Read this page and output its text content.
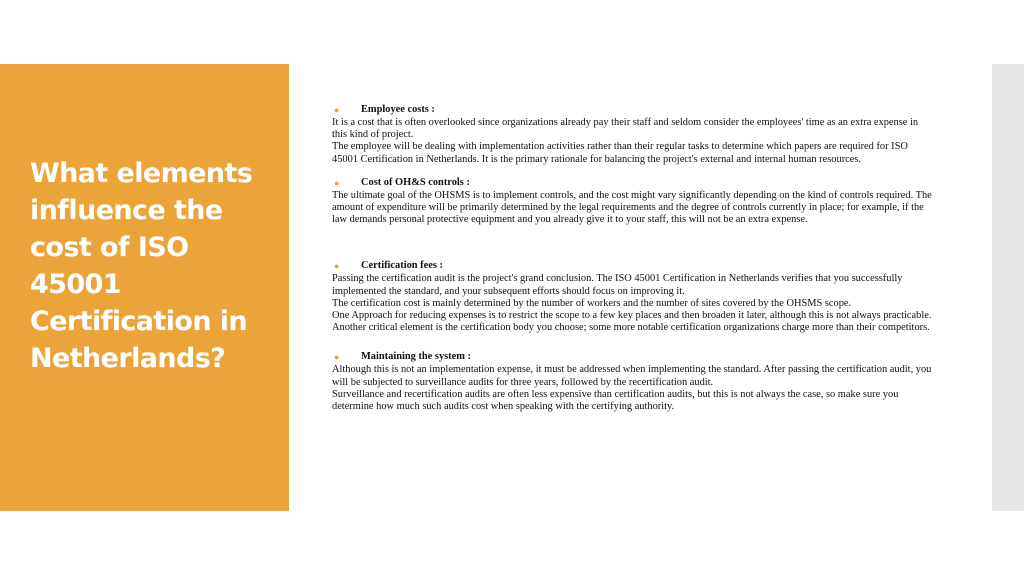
What elements influence the cost of ISO 45001 Certification in Netherlands?
● Employee costs :

It is a cost that is often overlooked since organizations already pay their staff and seldom consider the employees' time as an extra expense in this kind of project.

The employee will be dealing with implementation activities rather than their regular tasks to determine which papers are required for ISO 45001 Certification in Netherlands. It is the primary rationale for balancing the project's external and internal human resources.

● Cost of OH&S controls :

The ultimate goal of the OHSMS is to implement controls, and the cost might vary significantly depending on the kind of controls required. The amount of expenditure will be primarily determined by the legal requirements and the degree of controls currently in place; for example, if the law demands personal protective equipment and you already give it to your staff, this will not be an extra expense.

● Certification fees :

Passing the certification audit is the project's grand conclusion. The ISO 45001 Certification in Netherlands verifies that you successfully implemented the standard, and your subsequent efforts should focus on improving it.

The certification cost is mainly determined by the number of workers and the number of sites covered by the OHSMS scope.

One Approach for reducing expenses is to restrict the scope to a few key places and then broaden it later, although this is not always practicable. Another critical element is the certification body you choose; some more notable certification organizations charge more than their competitors.

● Maintaining the system :

Although this is not an implementation expense, it must be addressed when implementing the standard. After passing the certification audit, you will be subjected to surveillance audits for three years, followed by the recertification audit.

Surveillance and recertification audits are often less expensive than certification audits, but this is not always the case, so make sure you determine how much such audits cost when speaking with the certifying authority.
